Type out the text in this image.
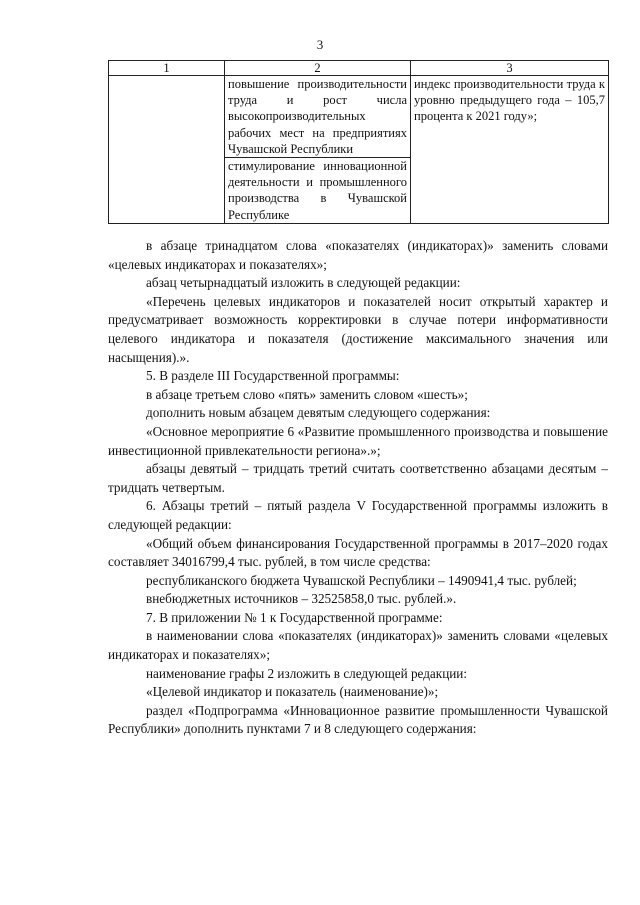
3
1	2	3
	повышение производительности труда и рост числа высокопроизводительных рабочих мест на предприятиях Чувашской Республики	индекс производительности труда к уровню предыдущего года – 105,7 процента к 2021 году»;
	стимулирование инновационной деятельности и промышленного производства в Чувашской Республике	

в абзаце тринадцатом слова «показателях (индикаторах)» заменить словами «целевых индикаторах и показателях»;

абзац четырнадцатый изложить в следующей редакции:

«Перечень целевых индикаторов и показателей носит открытый характер и предусматривает возможность корректировки в случае потери информативности целевого индикатора и показателя (достижение максимального значения или насыщения).».

5. В разделе III Государственной программы:

в абзаце третьем слово «пять» заменить словом «шесть»;

дополнить новым абзацем девятым следующего содержания:

«Основное мероприятие 6 «Развитие промышленного производства и повышение инвестиционной привлекательности региона».»;

абзацы девятый – тридцать третий считать соответственно абзацами десятым – тридцать четвертым.

6. Абзацы третий – пятый раздела V Государственной программы изложить в следующей редакции:

«Общий объем финансирования Государственной программы в 2017–2020 годах составляет 34016799,4 тыс. рублей, в том числе средства:

республиканского бюджета Чувашской Республики – 1490941,4 тыс. рублей;

внебюджетных источников – 32525858,0 тыс. рублей.».

7. В приложении № 1 к Государственной программе:

в наименовании слова «показателях (индикаторах)» заменить словами «целевых индикаторах и показателях»;

наименование графы 2 изложить в следующей редакции:

«Целевой индикатор и показатель (наименование)»;

раздел «Подпрограмма «Инновационное развитие промышленности Чувашской Республики» дополнить пунктами 7 и 8 следующего содержания:
